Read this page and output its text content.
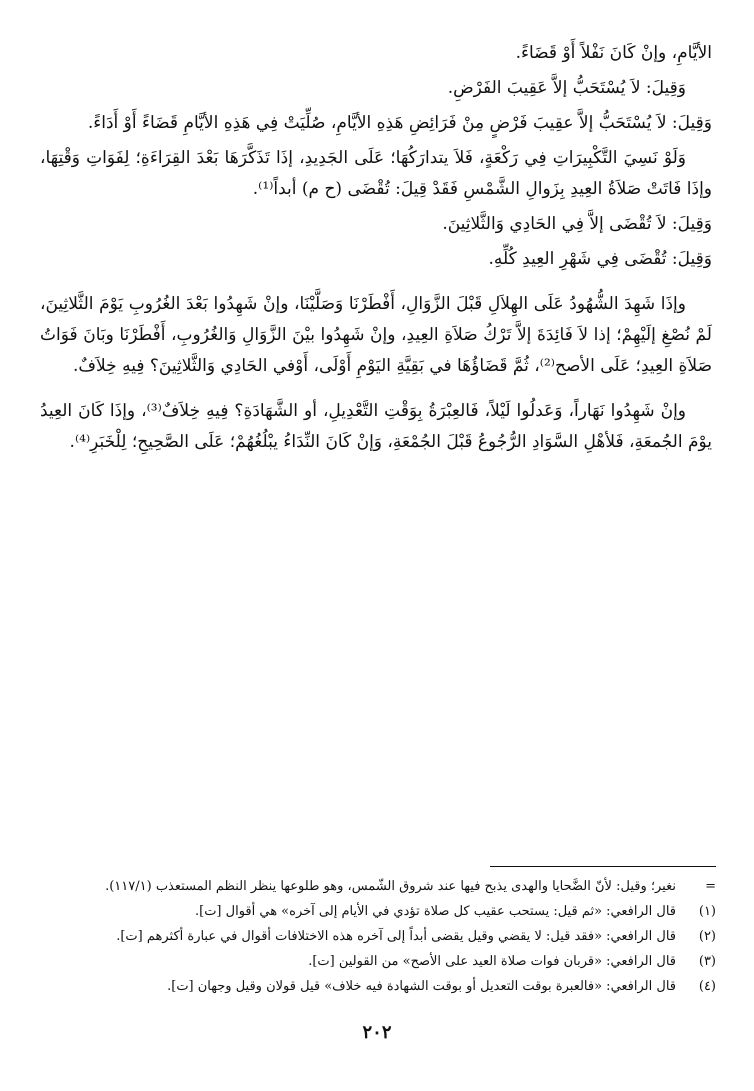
الأيَّامِ، وإنْ كَانَ نَفْلاً أَوْ قَضَاءً.

وَقِيلَ: لاَ يُسْتَحَبُّ إلاَّ عَقِيبَ الفَرْضِ.

وَقِيلَ: لاَ يُسْتَحَبُّ إلاَّ عقِيبَ فَرْضٍ مِنْ فَرَائِضِ هَذِهِ الأيَّامِ، صُلِّيَتْ فِي هَذِهِ الأيَّامِ قَضَاءً أَوْ أَدَاءً.

وَلَوْ نَسِيَ التَّكْبِيرَاتِ فِي رَكْعَةٍ، فَلاَ يتدارَكُهَا؛ عَلَى الجَدِيدِ، إذَا تَذَكَّرَهَا بَعْدَ القِرَاءَةِ؛ لِفَوَاتِ وَقْتِهَا، وإذَا فَاتَتْ صَلاَةُ العِيدِ بِزَوالِ الشَّمْسِ فَقَدْ قِيلَ: تُقْضَى (ح م) أبداً⁽¹⁾.

وَقِيلَ: لاَ تُقْضَى إلاَّ فِي الحَادِي وَالثَّلاثِينَ.

وَقِيلَ: تُقْضَى فِي شَهْرِ العِيدِ كُلِّهِ.

وإذَا شَهِدَ الشُّهُودُ عَلَى الهِلاَلِ قَبْلَ الزَّوَالِ، أَفْطَرْنَا وَصَلَّيْنَا، وإنْ شَهِدُوا بَعْدَ الغُرُوبِ يَوْمَ الثَّلاثِينَ، لَمْ نُصْغِ إلَيْهِمْ؛ إذا لاَ فَائِدَةَ إلاَّ تَرْكُ صَلاَةِ العِيدِ، وإنْ شَهِدُوا بيْنَ الزَّوَالِ وَالغُرُوبِ، أَفْطَرْنَا وبَانَ فَوَاتُ صَلاَةِ العِيدِ؛ عَلَى الأصح⁽²⁾، ثُمَّ قَضَاؤُهَا في بَقِيَّةِ اليَوْمِ أَوْلَى، أَوْفي الحَادِي وَالثَّلاثِينَ؟ فِيهِ خِلاَفٌ.

وإنْ شَهِدُوا نَهَاراً، وَعَدلُوا لَيْلاً، فَالعِبْرَةُ بِوَقْتِ التَّعْدِيلِ، أو الشَّهَادَةِ؟ فِيهِ خِلاَفٌ⁽³⁾، وإذَا كَانَ العِيدُ يوْمَ الجُمعَةِ، فَلأهْلِ السَّوَادِ الرُّجُوعُ قَبْلَ الجُمْعَةِ، وَإنْ كَانَ النِّدَاءُ يبْلُغُهُمْ؛ عَلَى الصَّحِيحِ؛ لِلْخَبَرِ⁽⁴⁾.

=
نغير؛ وقيل: لأنّ الضَّحايا والهدى يذبح فيها عند شروق الشّمس، وهو طلوعها ينظر النظم المستعذب (١١٧/١).
(١)
قال الرافعي: «ثم قيل: يستحب عقيب كل صلاة تؤدي في الأيام إلى آخره» هي أقوال [ت].
(٢)
قال الرافعي: «فقد قيل: لا يقضي وقيل يقضى أبداً إلى آخره هذه الاختلافات أقوال في عبارة أكثرهم [ت].
(٣)
قال الرافعي: «قربان فوات صلاة العيد على الأصح» من القولين [ت].
(٤)
قال الرافعي: «فالعبرة بوقت التعديل أو بوقت الشهادة فيه خلاف» قيل قولان وقيل وجهان [ت].
٢٠٢
